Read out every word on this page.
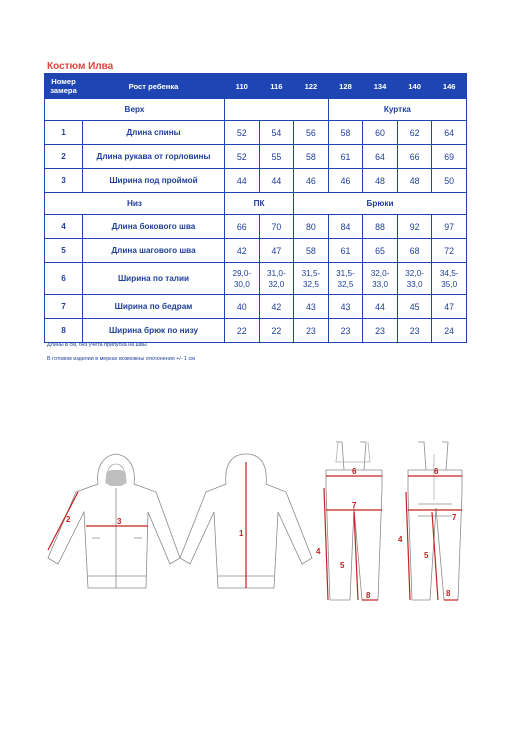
Костюм Илва
Номер замера	Рост ребенка	110	116	122	128	134	140	146
Верх					Куртка			
1	Длина спины	52	54	56	58	60	62	64
2	Длина рукава от горловины	52	55	58	61	64	66	69
3	Ширина под проймой	44	44	46	46	48	48	50
Низ		ПК		Брюки				
4	Длина бокового шва	66	70	80	84	88	92	97
5	Длина шагового шва	42	47	58	61	65	68	72
6	Ширина по талии	29,0-30,0	31,0-32,0	31,5-32,5	31,5-32,5	32,0-33,0	32,0-33,0	34,5-35,0
7	Ширина по бедрам	40	42	43	43	44	45	47
8	Ширина брюк по низу	22	22	23	23	23	23	24
Длины в см, без учета припуска на швы
В готовом изделии в мерках возможны отклонения +/- 1 см
2	3
1
6
7
4
5
8
6
7
4
5
8
